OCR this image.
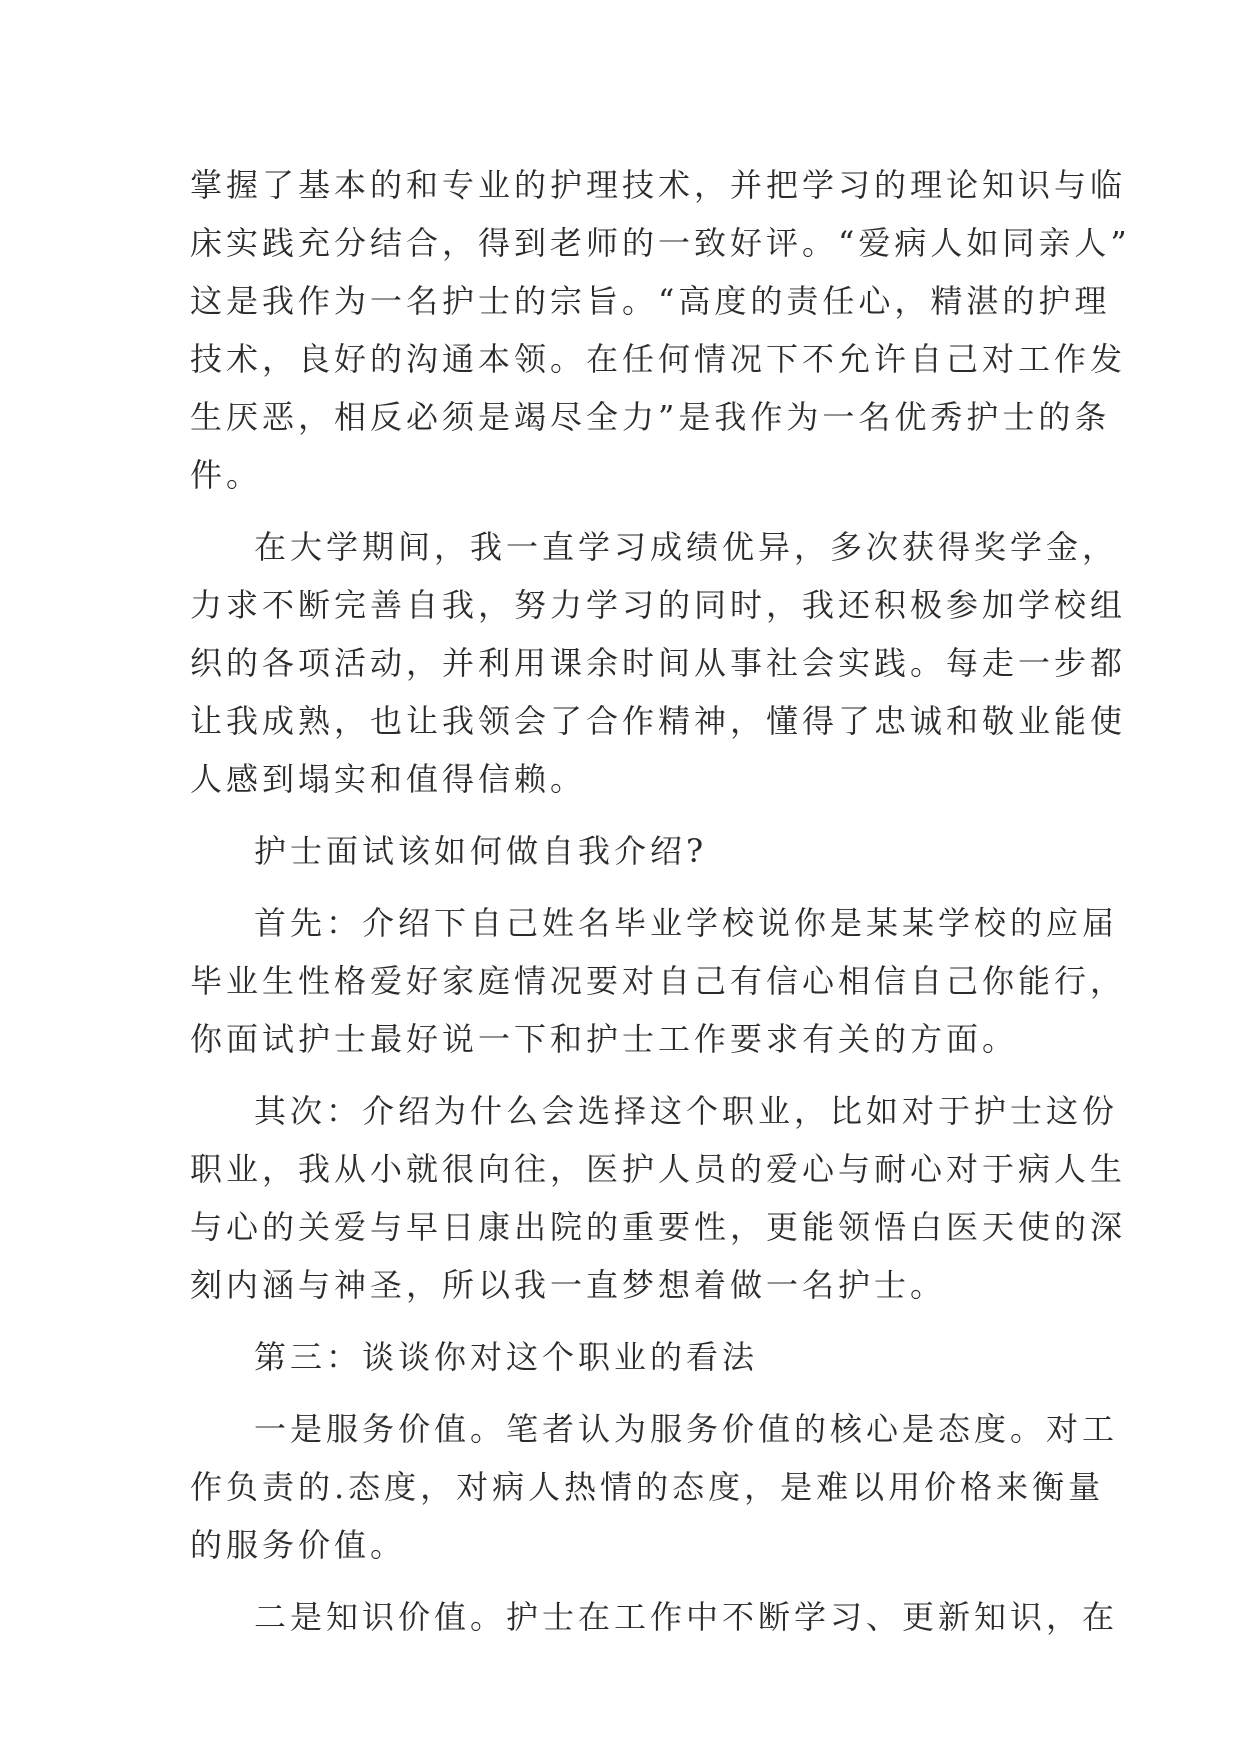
掌握了基本的和专业的护理技术，并把学习的理论知识与临
床实践充分结合，得到老师的一致好评。“爱病人如同亲人”
这是我作为一名护士的宗旨。“高度的责任心，精湛的护理
技术，良好的沟通本领。在任何情况下不允许自己对工作发
生厌恶，相反必须是竭尽全力”是我作为一名优秀护士的条
件。
在大学期间，我一直学习成绩优异，多次获得奖学金，
力求不断完善自我，努力学习的同时，我还积极参加学校组
织的各项活动，并利用课余时间从事社会实践。每走一步都
让我成熟，也让我领会了合作精神，懂得了忠诚和敬业能使
人感到塌实和值得信赖。
护士面试该如何做自我介绍?
首先：介绍下自己姓名毕业学校说你是某某学校的应届
毕业生性格爱好家庭情况要对自己有信心相信自己你能行，
你面试护士最好说一下和护士工作要求有关的方面。
其次：介绍为什么会选择这个职业，比如对于护士这份
职业，我从小就很向往，医护人员的爱心与耐心对于病人生
与心的关爱与早日康出院的重要性，更能领悟白医天使的深
刻内涵与神圣，所以我一直梦想着做一名护士。
第三：谈谈你对这个职业的看法
一是服务价值。笔者认为服务价值的核心是态度。对工
作负责的.态度，对病人热情的态度，是难以用价格来衡量
的服务价值。
二是知识价值。护士在工作中不断学习、更新知识，在
